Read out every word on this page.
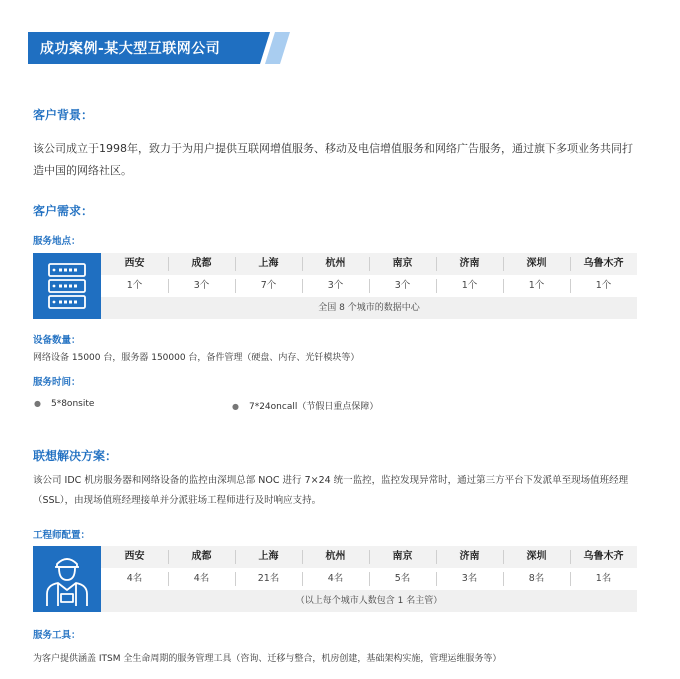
成功案例-某大型互联网公司
客户背景：
该公司成立于1998年，致力于为用户提供互联网增值服务、移动及电信增值服务和网络广告服务，通过旗下多项业务共同打造中国的网络社区。
客户需求：
服务地点：
西安	成都	上海	杭州	南京	济南	深圳	乌鲁木齐
1个	3个	7个	3个	3个	1个	1个	1个
全国 8 个城市的数据中心
设备数量：
网络设备 15000 台，服务器 150000 台，备件管理（硬盘、内存、光钎模块等）
服务时间：
● 5*8onsite	● 7*24oncall（节假日重点保障）
联想解决方案：
该公司 IDC 机房服务器和网络设备的监控由深圳总部 NOC 进行 7×24 统一监控，监控发现异常时，通过第三方平台下发派单至现场值班经理（SSL），由现场值班经理接单并分派驻场工程师进行及时响应支持。
工程师配置：
西安	成都	上海	杭州	南京	济南	深圳	乌鲁木齐
4名	4名	21名	4名	5名	3名	8名	1名
（以上每个城市人数包含 1 名主管）
服务工具：
为客户提供涵盖 ITSM 全生命周期的服务管理工具（咨询、迁移与整合，机房创建，基础架构实施，管理运维服务等）
